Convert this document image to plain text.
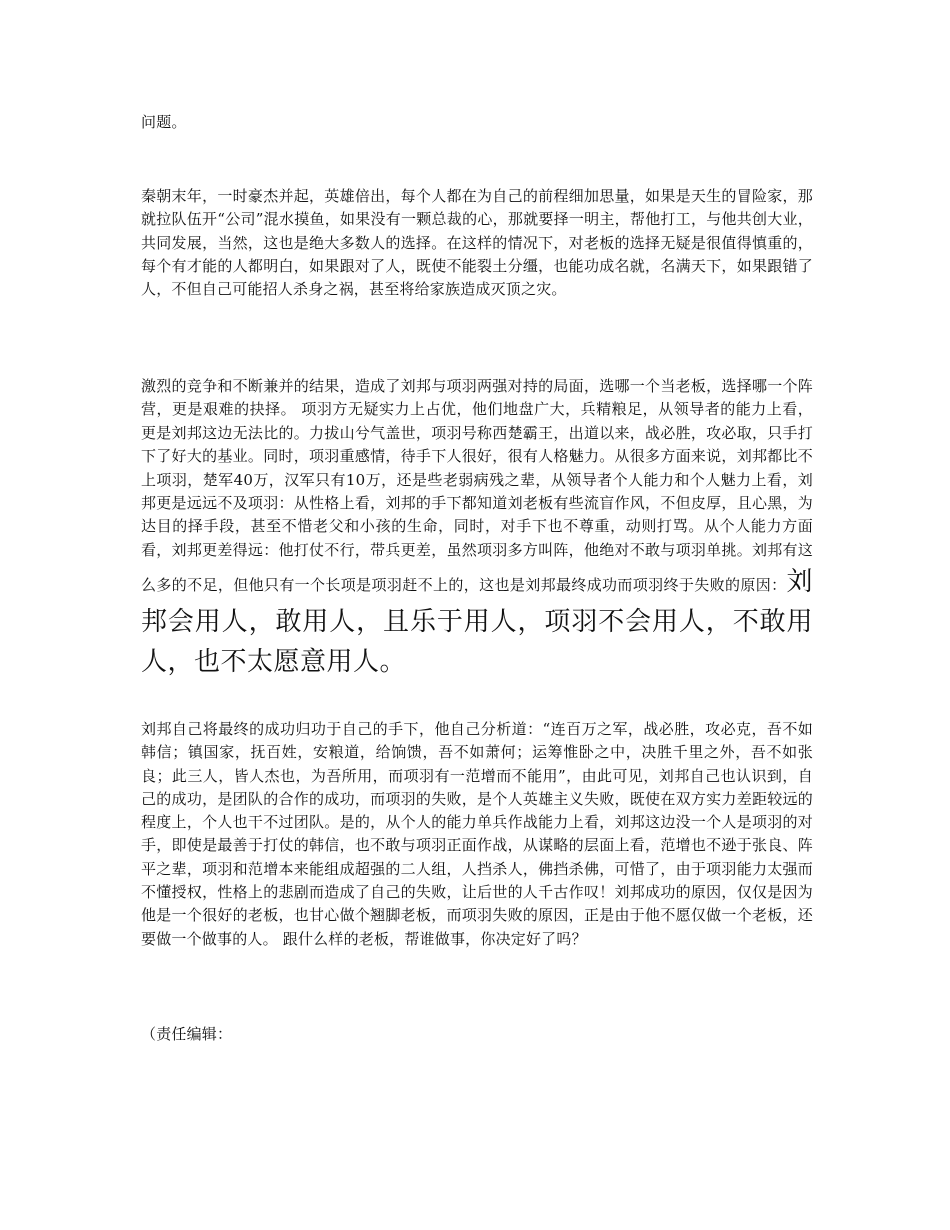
问题。

秦朝末年，一时豪杰并起，英雄倍出，每个人都在为自己的前程细加思量，如果是天生的冒险家，那就拉队伍开“公司”混水摸鱼，如果没有一颗总裁的心，那就要择一明主，帮他打工，与他共创大业，共同发展，当然，这也是绝大多数人的选择。在这样的情况下，对老板的选择无疑是很值得慎重的，每个有才能的人都明白，如果跟对了人，既使不能裂土分缰，也能功成名就，名满天下，如果跟错了人，不但自己可能招人杀身之祸，甚至将给家族造成灭顶之灾。

激烈的竞争和不断兼并的结果，造成了刘邦与项羽两强对持的局面，选哪一个当老板，选择哪一个阵营，更是艰难的抉择。 项羽方无疑实力上占优，他们地盘广大，兵精粮足，从领导者的能力上看，更是刘邦这边无法比的。力拔山兮气盖世，项羽号称西楚霸王，出道以来，战必胜，攻必取，只手打下了好大的基业。同时，项羽重感情，待手下人很好，很有人格魅力。从很多方面来说，刘邦都比不上项羽，楚军40万，汉军只有10万，还是些老弱病残之辈，从领导者个人能力和个人魅力上看，刘邦更是远远不及项羽：从性格上看，刘邦的手下都知道刘老板有些流盲作风，不但皮厚，且心黑，为达目的择手段，甚至不惜老父和小孩的生命，同时，对手下也不尊重，动则打骂。从个人能力方面看，刘邦更差得远：他打仗不行，带兵更差，虽然项羽多方叫阵，他绝对不敢与项羽单挑。刘邦有这么多的不足，但他只有一个长项是项羽赶不上的，这也是刘邦最终成功而项羽终于失败的原因：刘邦会用人，敢用人，且乐于用人，项羽不会用人，不敢用人，也不太愿意用人。

刘邦自己将最终的成功归功于自己的手下，他自己分析道：“连百万之军，战必胜，攻必克，吾不如韩信；镇国家，抚百姓，安粮道，给饷馈，吾不如萧何；运筹惟卧之中，决胜千里之外，吾不如张良；此三人，皆人杰也，为吾所用，而项羽有一范增而不能用”，由此可见，刘邦自己也认识到，自己的成功，是团队的合作的成功，而项羽的失败，是个人英雄主义失败，既使在双方实力差距较远的程度上，个人也干不过团队。是的，从个人的能力单兵作战能力上看，刘邦这边没一个人是项羽的对手，即使是最善于打仗的韩信，也不敢与项羽正面作战，从谋略的层面上看，范增也不逊于张良、阵平之辈，项羽和范增本来能组成超强的二人组，人挡杀人，佛挡杀佛，可惜了，由于项羽能力太强而不懂授权，性格上的悲剧而造成了自己的失败，让后世的人千古作叹！刘邦成功的原因，仅仅是因为他是一个很好的老板，也甘心做个翘脚老板，而项羽失败的原因，正是由于他不愿仅做一个老板，还要做一个做事的人。 跟什么样的老板，帮谁做事，你决定好了吗？

（责任编辑：
